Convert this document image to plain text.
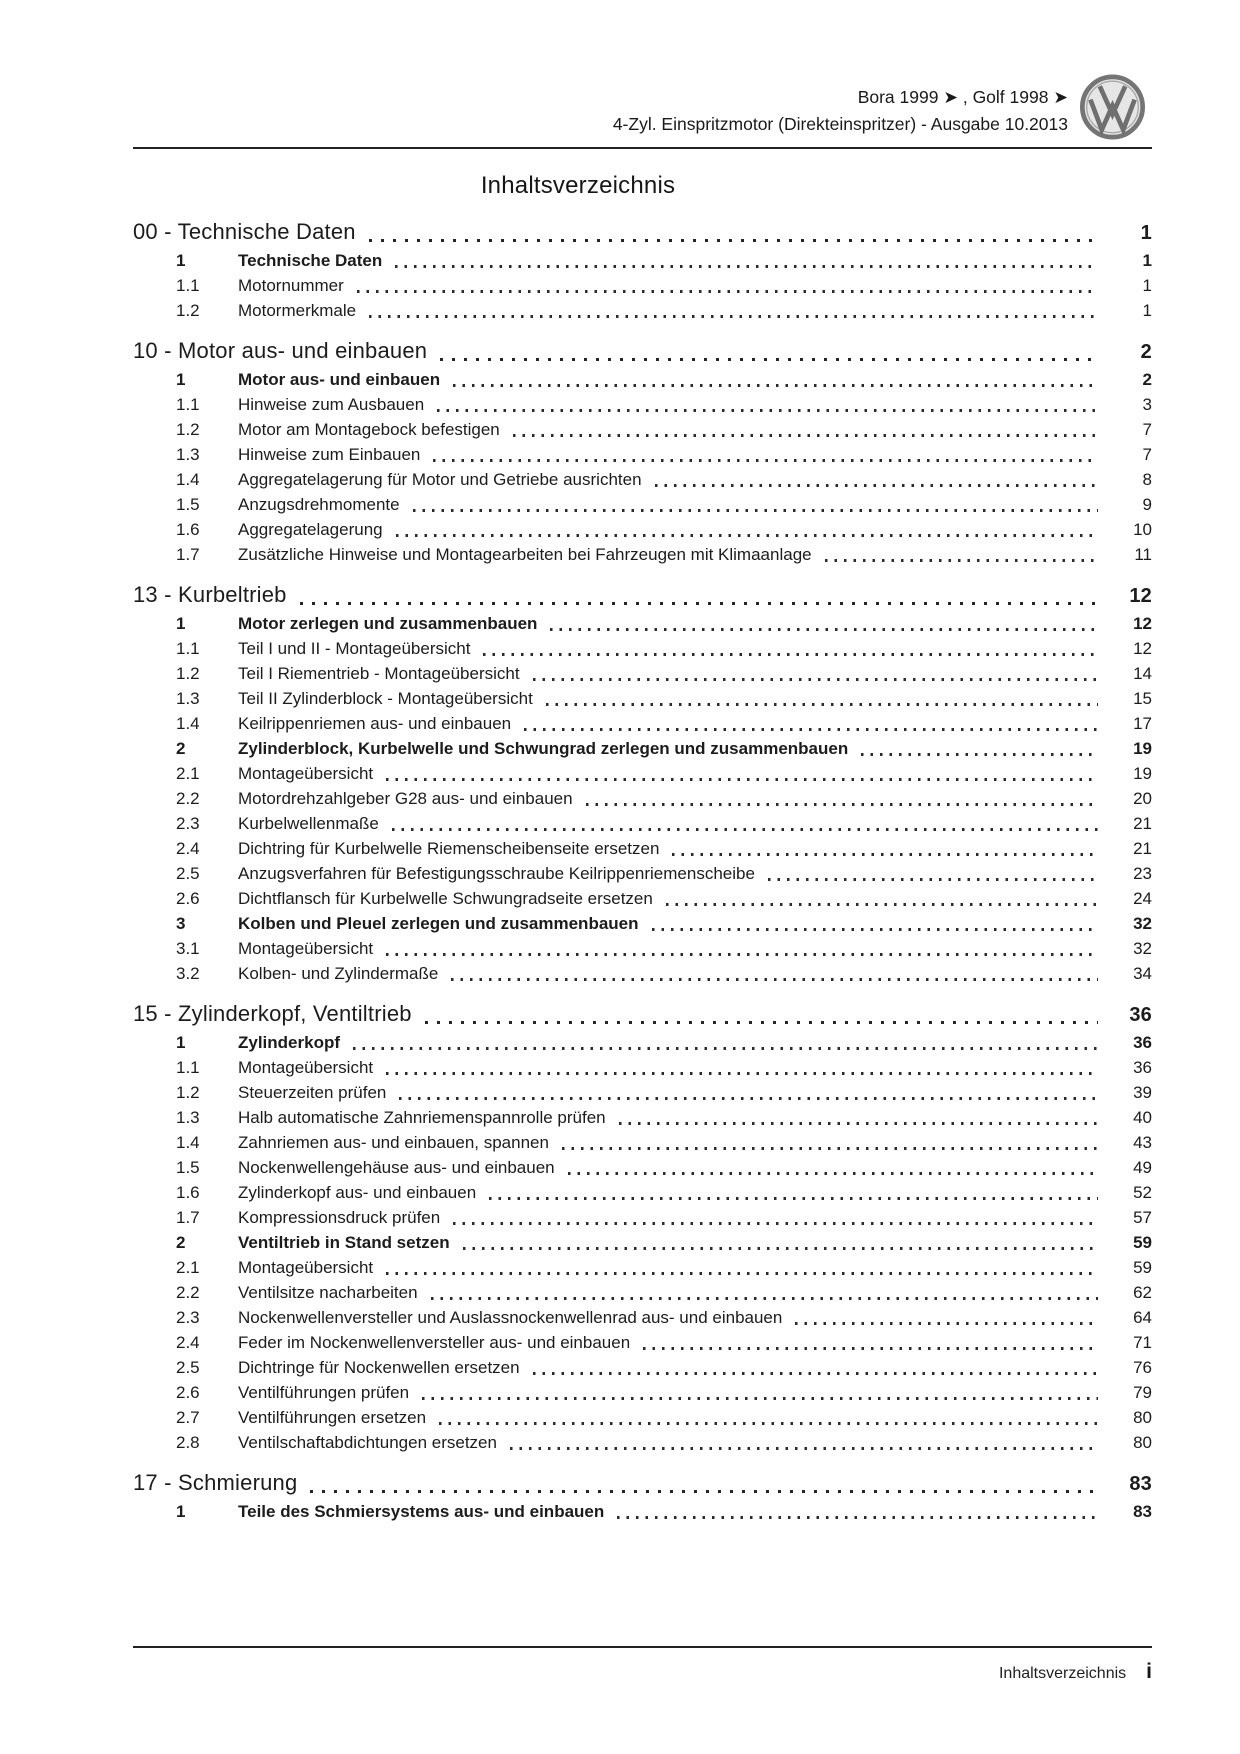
Bora 1999 ➤ , Golf 1998 ➤
4-Zyl. Einspritzmotor (Direkteinspritzer) - Ausgabe 10.2013
Inhaltsverzeichnis
00 - Technische Daten	1
1	Technische Daten	1
1.1	Motornummer	1
1.2	Motormerkmale	1
10 - Motor aus- und einbauen	2
1	Motor aus- und einbauen	2
1.1	Hinweise zum Ausbauen	3
1.2	Motor am Montagebock befestigen	7
1.3	Hinweise zum Einbauen	7
1.4	Aggregatelagerung für Motor und Getriebe ausrichten	8
1.5	Anzugsdrehmomente	9
1.6	Aggregatelagerung	10
1.7	Zusätzliche Hinweise und Montagearbeiten bei Fahrzeugen mit Klimaanlage	11
13 - Kurbeltrieb	12
1	Motor zerlegen und zusammenbauen	12
1.1	Teil I und II - Montageübersicht	12
1.2	Teil I Riementrieb - Montageübersicht	14
1.3	Teil II Zylinderblock - Montageübersicht	15
1.4	Keilrippenriemen aus- und einbauen	17
2	Zylinderblock, Kurbelwelle und Schwungrad zerlegen und zusammenbauen	19
2.1	Montageübersicht	19
2.2	Motordrehzahlgeber G28 aus- und einbauen	20
2.3	Kurbelwellenmaße	21
2.4	Dichtring für Kurbelwelle Riemenscheibenseite ersetzen	21
2.5	Anzugsverfahren für Befestigungsschraube Keilrippenriemenscheibe	23
2.6	Dichtflansch für Kurbelwelle Schwungradseite ersetzen	24
3	Kolben und Pleuel zerlegen und zusammenbauen	32
3.1	Montageübersicht	32
3.2	Kolben- und Zylindermaße	34
15 - Zylinderkopf, Ventiltrieb	36
1	Zylinderkopf	36
1.1	Montageübersicht	36
1.2	Steuerzeiten prüfen	39
1.3	Halb automatische Zahnriemenspannrolle prüfen	40
1.4	Zahnriemen aus- und einbauen, spannen	43
1.5	Nockenwellengehäuse aus- und einbauen	49
1.6	Zylinderkopf aus- und einbauen	52
1.7	Kompressionsdruck prüfen	57
2	Ventiltrieb in Stand setzen	59
2.1	Montageübersicht	59
2.2	Ventilsitze nacharbeiten	62
2.3	Nockenwellenversteller und Auslassnockenwellenrad aus- und einbauen	64
2.4	Feder im Nockenwellenversteller aus- und einbauen	71
2.5	Dichtringe für Nockenwellen ersetzen	76
2.6	Ventilführungen prüfen	79
2.7	Ventilführungen ersetzen	80
2.8	Ventilschaftabdichtungen ersetzen	80
17 - Schmierung	83
1	Teile des Schmiersystems aus- und einbauen	83
Inhaltsverzeichnis i
